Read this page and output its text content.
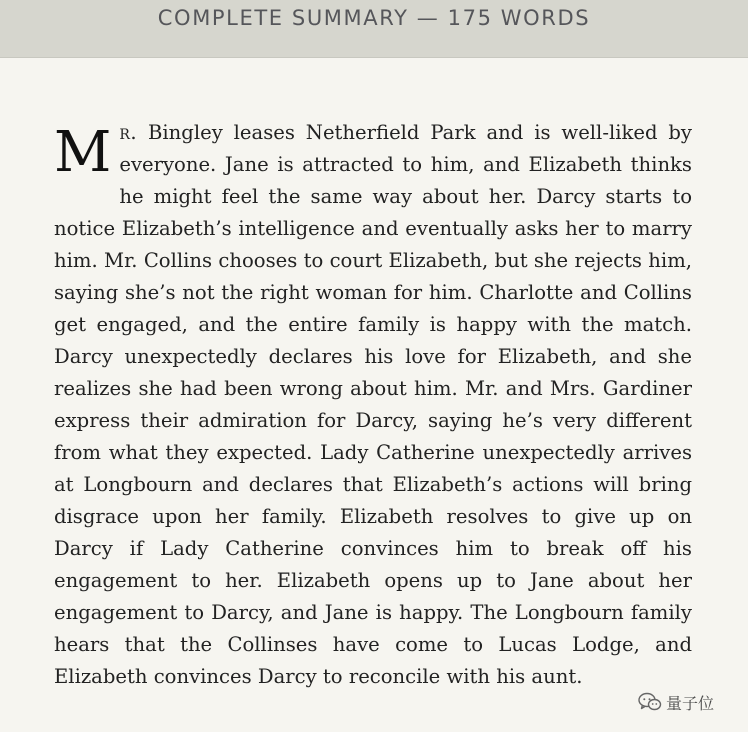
COMPLETE SUMMARY — 175 WORDS

Mr. Bingley leases Netherfield Park and is well-liked by everyone. Jane is attracted to him, and Elizabeth thinks he might feel the same way about her. Darcy starts to notice Elizabeth’s intelligence and eventually asks her to marry him. Mr. Collins chooses to court Elizabeth, but she rejects him, saying she’s not the right woman for him. Charlotte and Collins get engaged, and the entire family is happy with the match. Darcy unexpectedly declares his love for Elizabeth, and she realizes she had been wrong about him. Mr. and Mrs. Gardiner express their admiration for Darcy, saying he’s very different from what they expected. Lady Catherine unexpectedly arrives at Longbourn and declares that Elizabeth’s actions will bring disgrace upon her family. Elizabeth resolves to give up on Darcy if Lady Catherine convinces him to break off his engagement to her. Elizabeth opens up to Jane about her engagement to Darcy, and Jane is happy. The Longbourn family hears that the Collinses have come to Lucas Lodge, and Elizabeth convinces Darcy to reconcile with his aunt.

量子位
